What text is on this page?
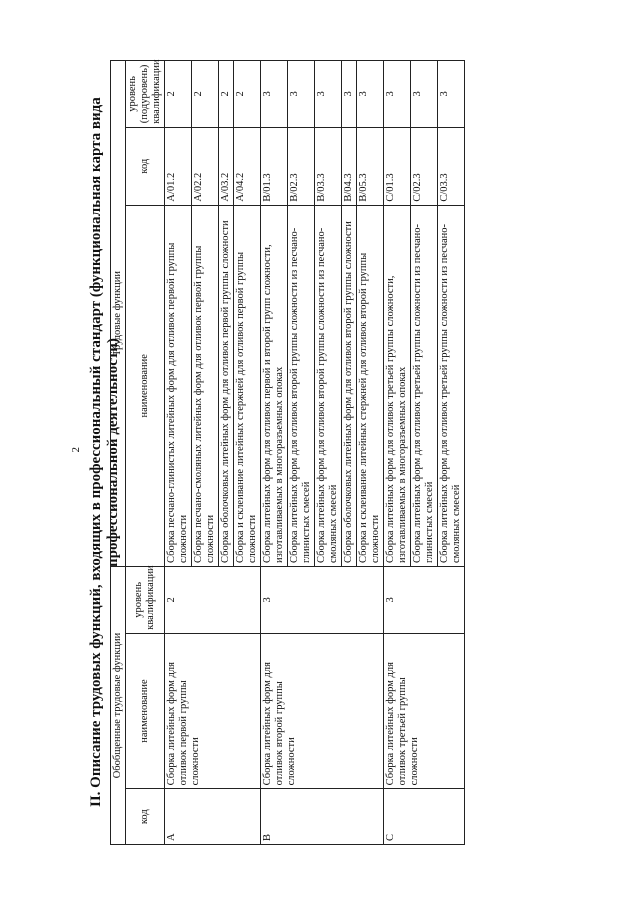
2 II. Описание трудовых функций, входящих в профессиональный стандарт (функциональная карта вида
профессиональной деятельности)
Обобщенные трудовые функции			Трудовые функции		
код	наименование	уровень квалификации	наименование	код	уровень (подуровень) квалификации
A	Сборка литейных форм для отливок первой группы сложности	2	Сборка песчано-глинистых литейных форм для отливок первой группы сложности	A/01.2	2
			Сборка песчано-смоляных литейных форм для отливок первой группы сложности	A/02.2	2
			Сборка оболочковых литейных форм для отливок первой группы сложности	A/03.2	2
			Сборка и склеивание литейных стержней для отливок первой группы сложности	A/04.2	2
B	Сборка литейных форм для отливок второй группы сложности	3	Сборка литейных форм для отливок первой и второй групп сложности, изготавливаемых в многоразъемных опоках	B/01.3	3
			Сборка литейных форм для отливок второй группы сложности из песчано-глинистых смесей	B/02.3	3
			Сборка литейных форм для отливок второй группы сложности из песчано-смоляных смесей	B/03.3	3
			Сборка оболочковых литейных форм для отливок второй группы сложности	B/04.3	3
			Сборка и склеивание литейных стержней для отливок второй группы сложности	B/05.3	3
C	Сборка литейных форм для отливок третьей группы сложности	3	Сборка литейных форм для отливок третьей группы сложности, изготавливаемых в многоразъемных опоках	C/01.3	3
			Сборка литейных форм для отливок третьей группы сложности из песчано-глинистых смесей	C/02.3	3
			Сборка литейных форм для отливок третьей группы сложности из песчано-смоляных смесей	C/03.3	3
